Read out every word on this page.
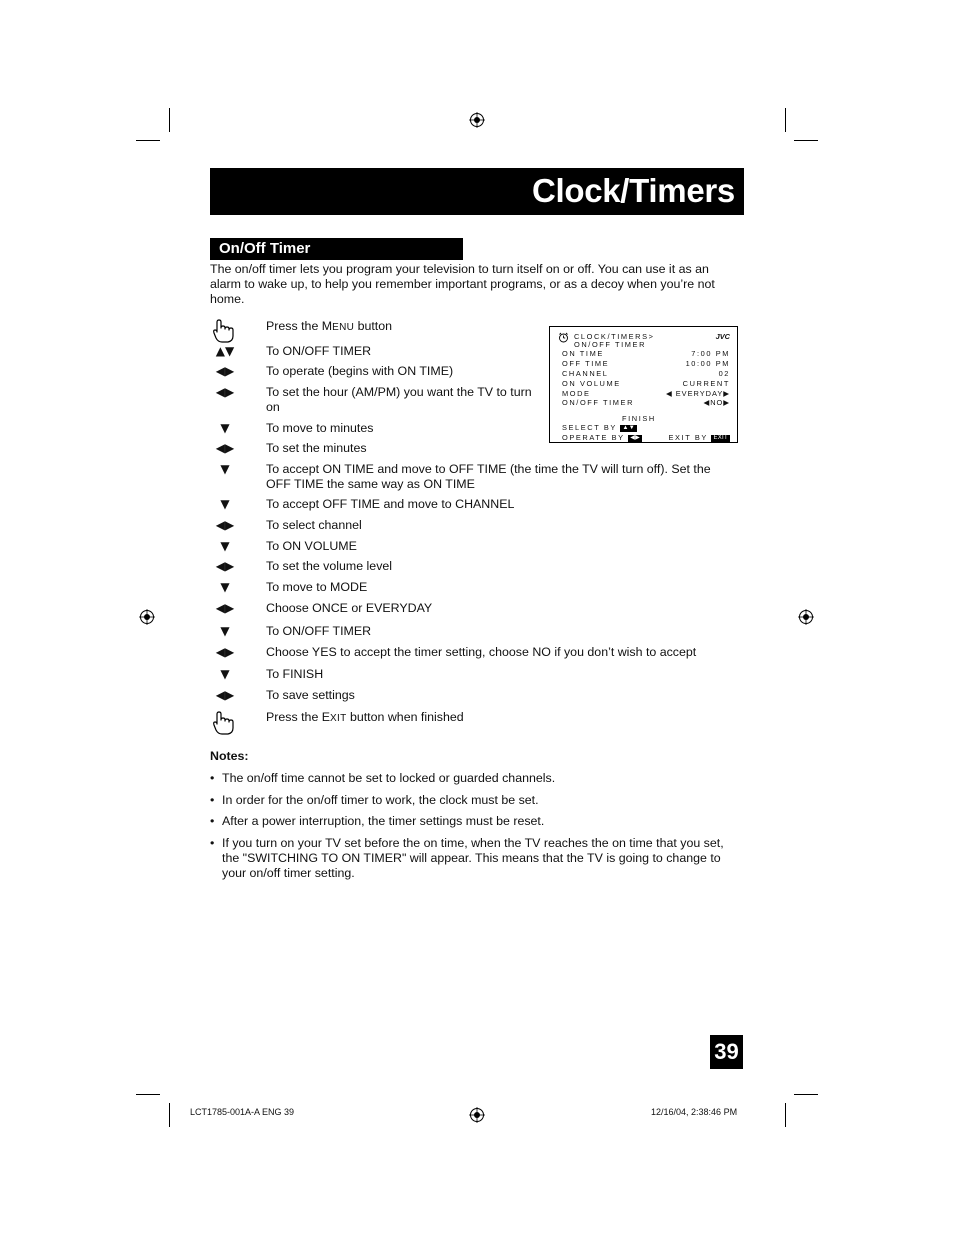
Clock/Timers
On/Off Timer
The on/off timer lets you program your television to turn itself on or off. You can use it as an alarm to wake up, to help you remember important programs, or as a decoy when you’re not home.
Press the MENU button
▲▼	To ON/OFF TIMER
◀▶	To operate (begins with ON TIME)
◀▶	To set the hour (AM/PM) you want the TV to turn on
▼	To move to minutes
◀▶	To set the minutes
▼	To accept ON TIME and move to OFF TIME (the time the TV will turn off). Set the OFF TIME the same way as ON TIME
▼	To accept OFF TIME and move to CHANNEL
◀▶	To select channel
▼	To ON VOLUME
◀▶	To set the volume level
▼	To move to MODE
◀▶	Choose ONCE or EVERYDAY
▼	To ON/OFF TIMER
◀▶	Choose YES to accept the timer setting, choose NO if you don’t wish to accept
▼	To FINISH
◀▶	To save settings
Press the EXIT button when finished
CLOCK/TIMERS>
ON/OFF TIMER
JVC
ON TIME	7:00 PM
OFF TIME	10:00 PM
CHANNEL	02
ON VOLUME	CURRENT
MODE	◀ EVERYDAY▶
ON/OFF TIMER	◀NO▶
FINISH
SELECT BY ▲▼
OPERATE BY ◀▶	EXIT BY EXIT
Notes:
• The on/off time cannot be set to locked or guarded channels.
• In order for the on/off timer to work, the clock must be set.
• After a power interruption, the timer settings must be reset.
• If you turn on your TV set before the on time, when the TV reaches the on time that you set, the "SWITCHING TO ON TIMER" will appear. This means that the TV is going to change to your on/off timer setting.
39
LCT1785-001A-A ENG 39	12/16/04, 2:38:46 PM
